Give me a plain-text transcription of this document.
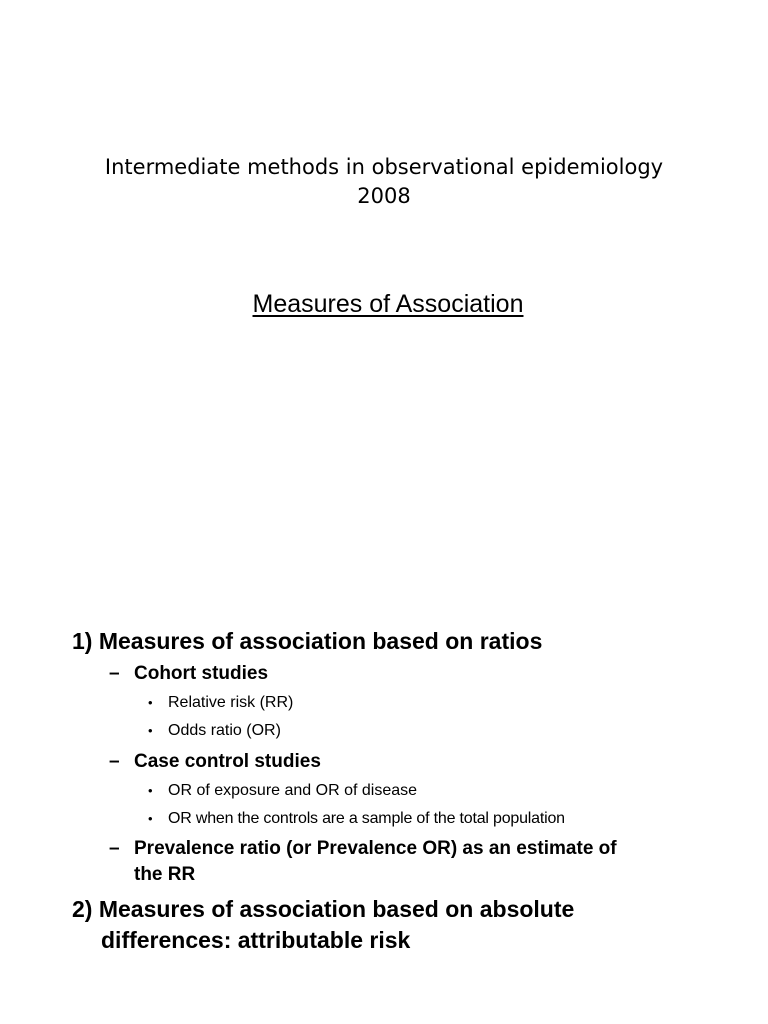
Intermediate methods in observational epidemiology
2008
Measures of Association
1) Measures of association based on ratios
– Cohort studies
• Relative risk (RR)
• Odds ratio (OR)
– Case control studies
• OR of exposure and OR of disease
• OR when the controls are a sample of the total population
– Prevalence ratio (or Prevalence OR) as an estimate of
the RR
2) Measures of association based on absolute
differences: attributable risk
